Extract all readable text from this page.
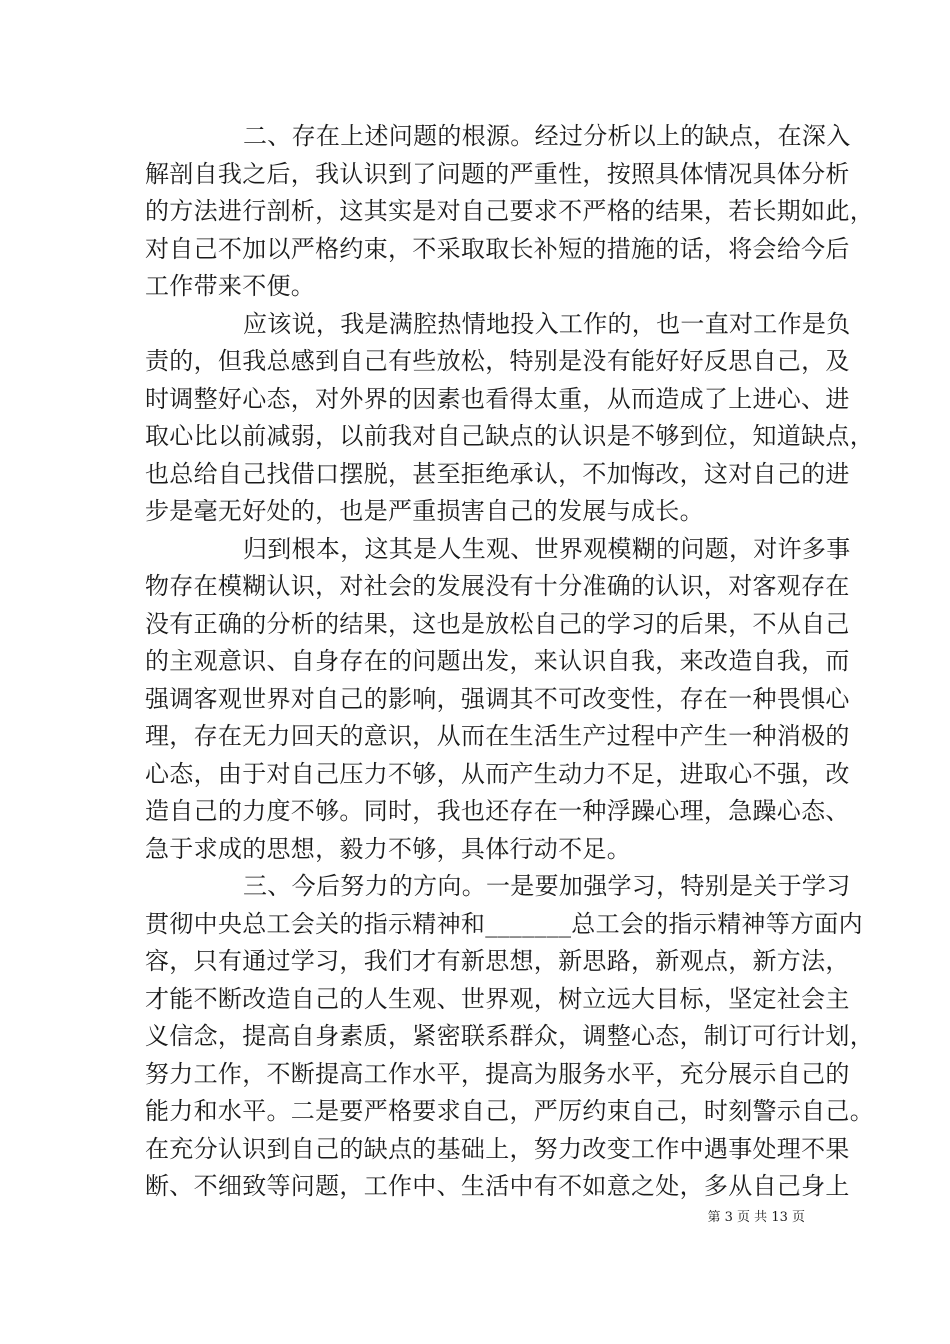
二、存在上述问题的根源。经过分析以上的缺点，在深入
解剖自我之后，我认识到了问题的严重性，按照具体情况具体分析
的方法进行剖析，这其实是对自己要求不严格的结果，若长期如此，
对自己不加以严格约束，不采取取长补短的措施的话，将会给今后
工作带来不便。
应该说，我是满腔热情地投入工作的，也一直对工作是负
责的，但我总感到自己有些放松，特别是没有能好好反思自己，及
时调整好心态，对外界的因素也看得太重，从而造成了上进心、进
取心比以前减弱，以前我对自己缺点的认识是不够到位，知道缺点，
也总给自己找借口摆脱，甚至拒绝承认，不加悔改，这对自己的进
步是毫无好处的，也是严重损害自己的发展与成长。
归到根本，这其是人生观、世界观模糊的问题，对许多事
物存在模糊认识，对社会的发展没有十分准确的认识，对客观存在
没有正确的分析的结果，这也是放松自己的学习的后果，不从自己
的主观意识、自身存在的问题出发，来认识自我，来改造自我，而
强调客观世界对自己的影响，强调其不可改变性，存在一种畏惧心
理，存在无力回天的意识，从而在生活生产过程中产生一种消极的
心态，由于对自己压力不够，从而产生动力不足，进取心不强，改
造自己的力度不够。同时，我也还存在一种浮躁心理，急躁心态、
急于求成的思想，毅力不够，具体行动不足。
三、今后努力的方向。一是要加强学习，特别是关于学习
贯彻中央总工会关的指示精神和_______总工会的指示精神等方面内
容，只有通过学习，我们才有新思想，新思路，新观点，新方法，
才能不断改造自己的人生观、世界观，树立远大目标，坚定社会主
义信念，提高自身素质，紧密联系群众，调整心态，制订可行计划，
努力工作，不断提高工作水平，提高为服务水平，充分展示自己的
能力和水平。二是要严格要求自己，严厉约束自己，时刻警示自己。
在充分认识到自己的缺点的基础上，努力改变工作中遇事处理不果
断、不细致等问题，工作中、生活中有不如意之处，多从自己身上
第 3 页 共 13 页
